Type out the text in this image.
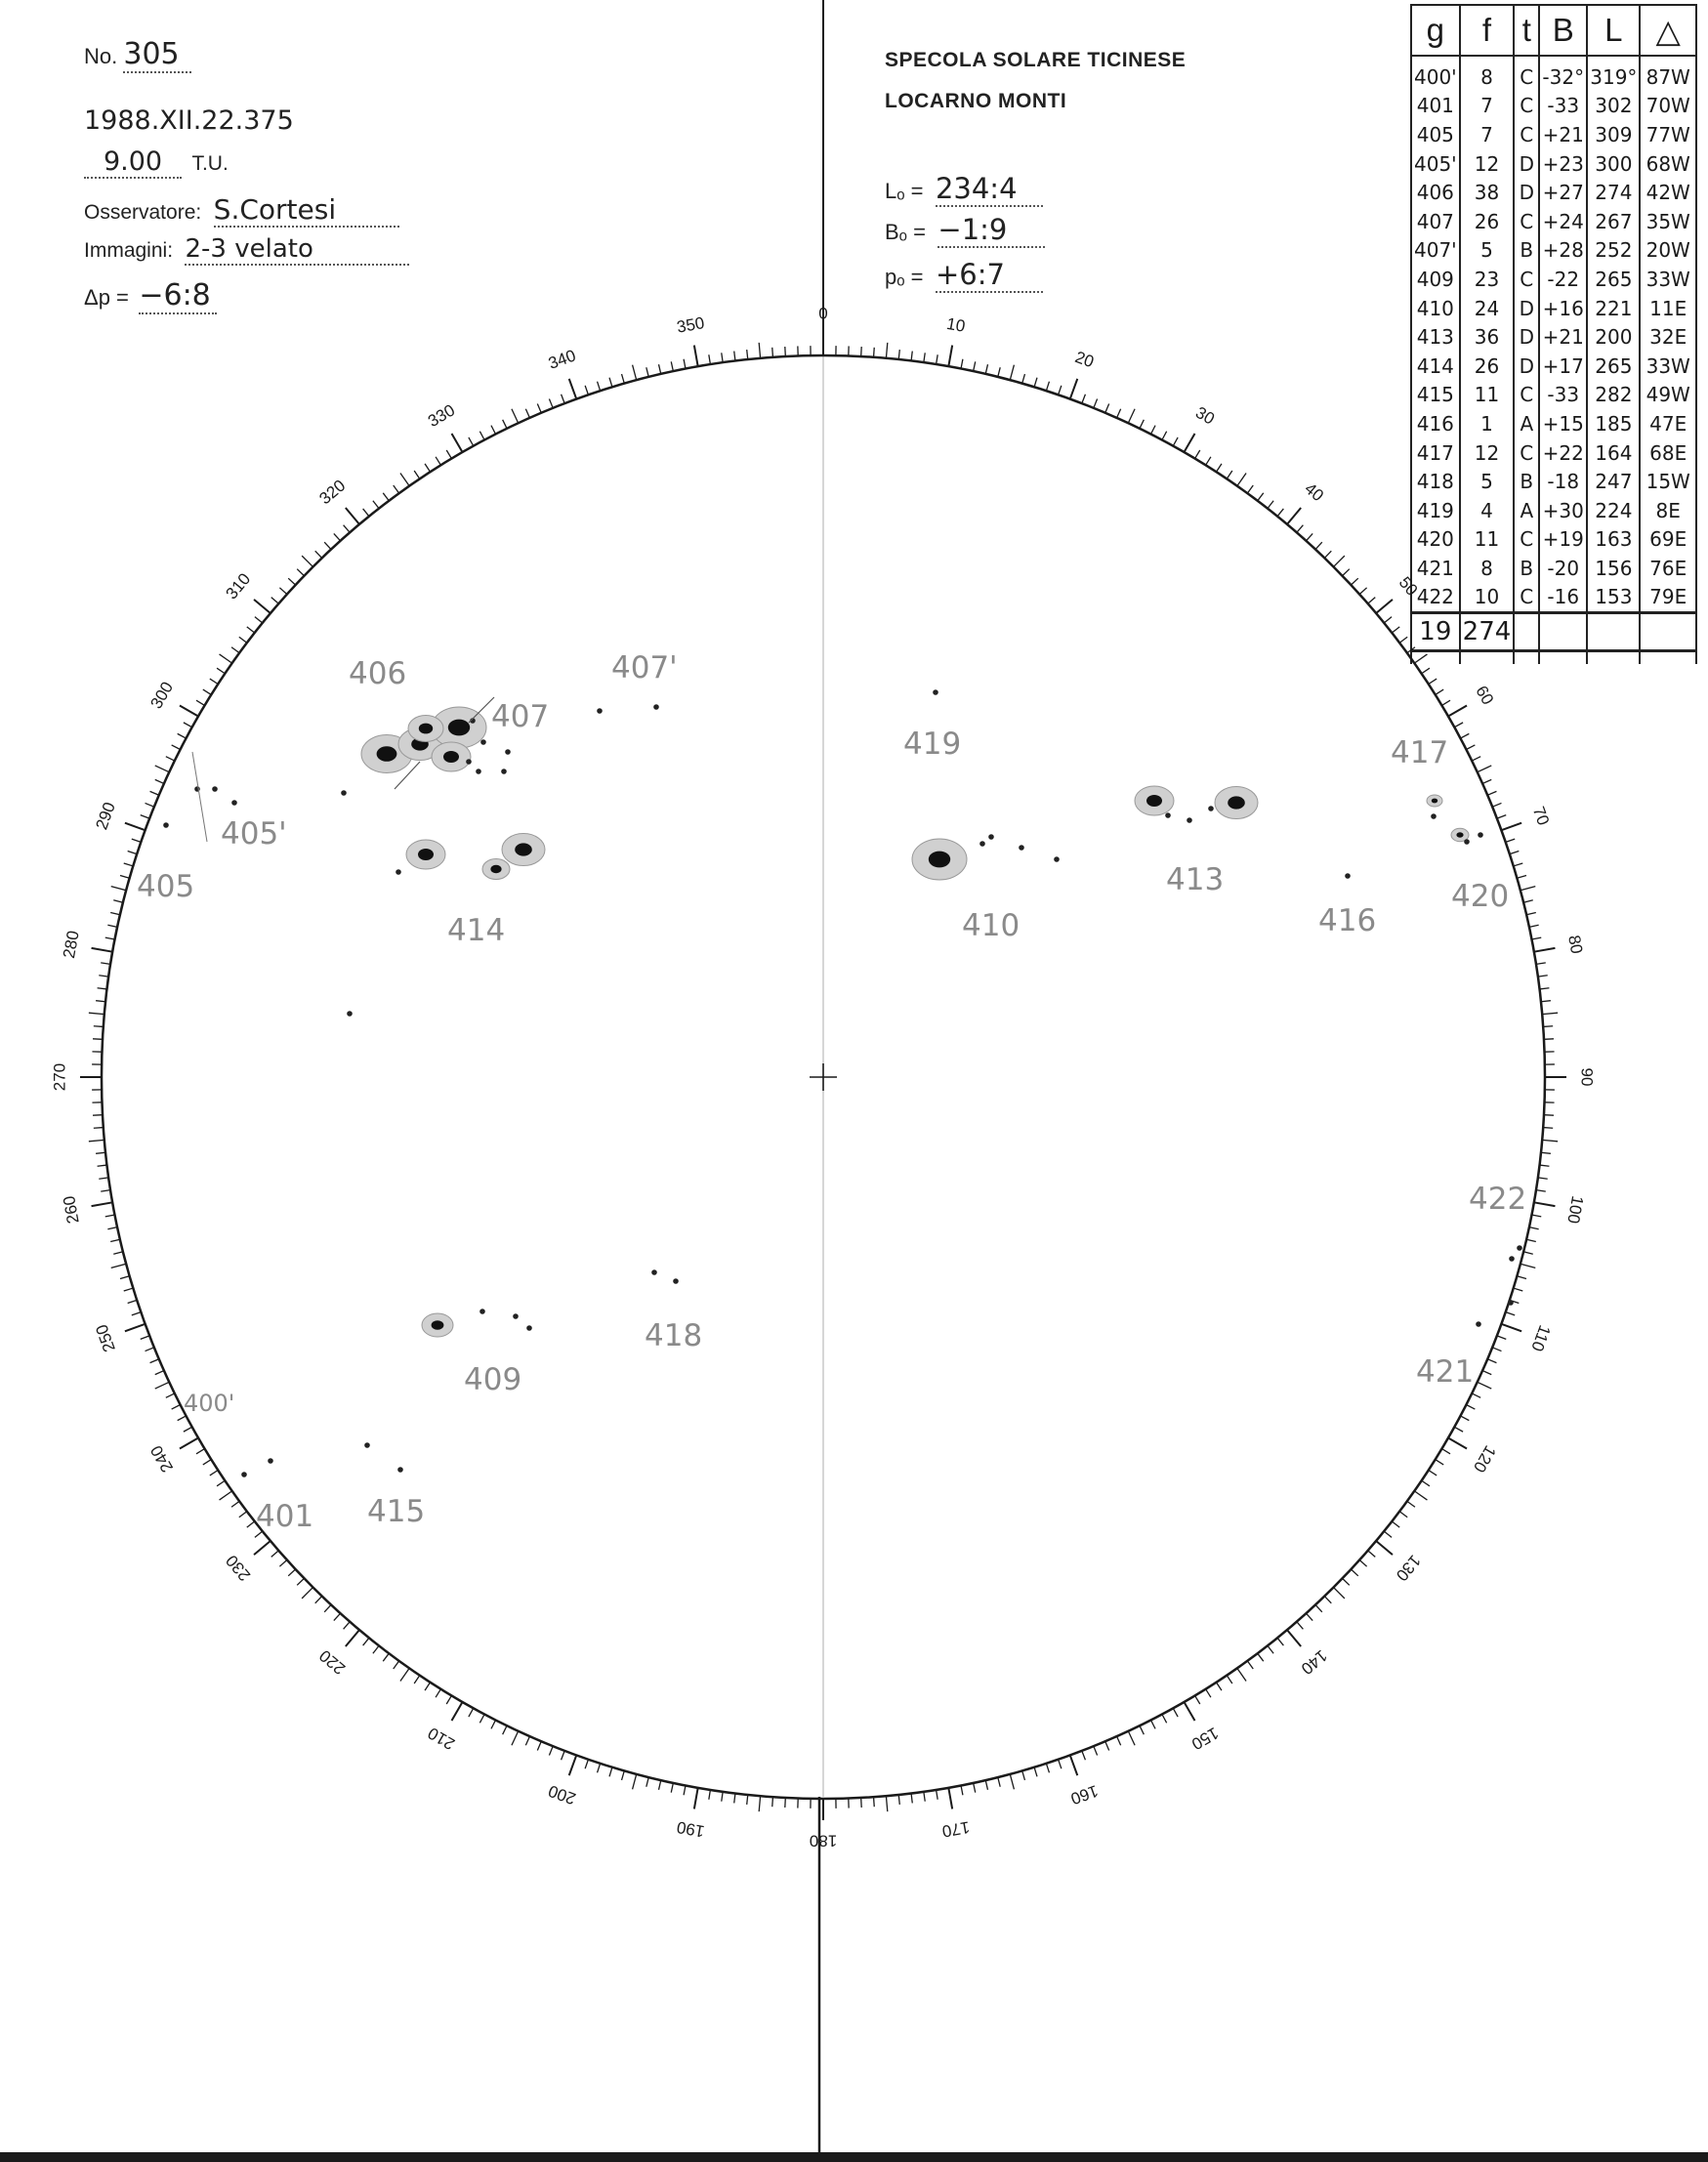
No. 305
1988.XII.22.375
9.00 T.U.
Osservatore: S.Cortesi
Immagini: 2-3 velato
Δp = −6:8
SPECOLA SOLARE TICINESE
LOCARNO MONTI
Lₒ = 234:4
Bₒ = −1:9
pₒ = +6:7
g	f	t	B	L	△
400'	8	C	-32°	319°	87W
401	7	C	-33	302	70W
405	7	C	+21	309	77W
405'	12	D	+23	300	68W
406	38	D	+27	274	42W
407	26	C	+24	267	35W
407'	5	B	+28	252	20W
409	23	C	-22	265	33W
410	24	D	+16	221	11E
413	36	D	+21	200	32E
414	26	D	+17	265	33W
415	11	C	-33	282	49W
416	1	A	+15	185	47E
417	12	C	+22	164	68E
418	5	B	-18	247	15W
419	4	A	+30	224	8E
420	11	C	+19	163	69E
421	8	B	-20	156	76E
422	10	C	-16	153	79E
19	274				

0
10
20
30
40
50
60
70
80
90
100
110
120
130
140
150
160
170
180
190
200
210
220
230
240
250
260
270
280
290
300
310
320
330
340
350
406
407
407'
405'
405
414
419
413
417
410	416
420
422
418
409	421
400'
401 415
